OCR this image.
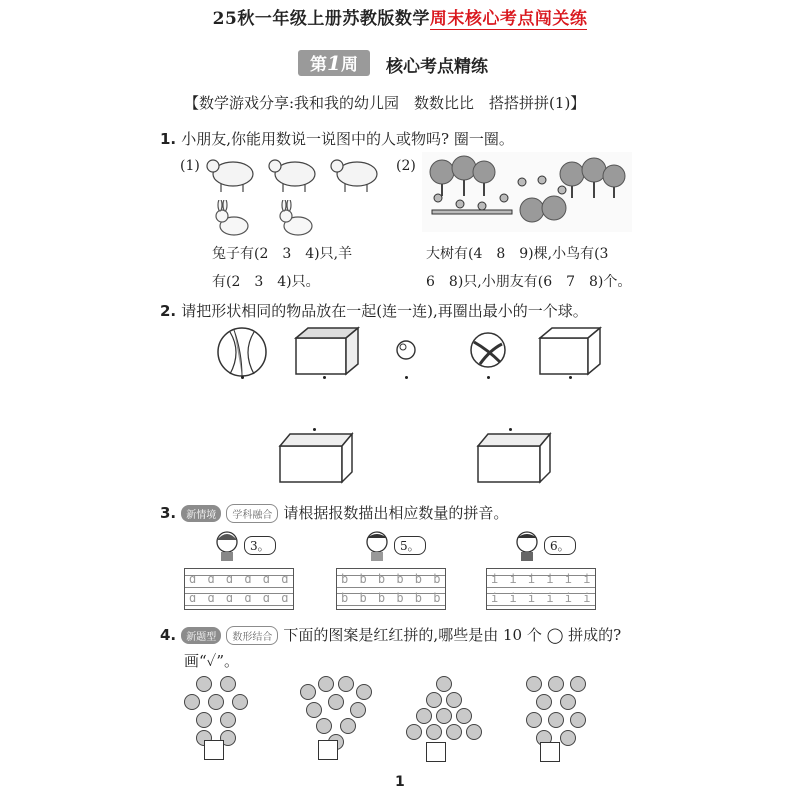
25秋一年级上册苏教版数学周末核心考点闯关练
第1周	核心考点精练
【数学游戏分享:我和我的幼儿园　数数比比　搭搭拼拼(1)】
1. 小朋友,你能用数说一说图中的人或物吗? 圈一圈。
(1)	(2)
兔子有(2　3　4)只,羊
有(2　3　4)只。
大树有(4　8　9)棵,小鸟有(3
6　8)只,小朋友有(6　7　8)个。
2. 请把形状相同的物品放在一起(连一连),再圈出最小的一个球。
3. 新情境 学科融合 请根据报数描出相应数量的拼音。
3。	5。	6。
ɑ ɑ ɑ ɑ ɑ ɑ
ɑ ɑ ɑ ɑ ɑ ɑ
b b b b b b
b b b b b b
i i i i i i
i i i i i i
4. 新题型 数形结合 下面的图案是红红拼的,哪些是由 10 个 ◯ 拼成的?
画“✓”。
1
